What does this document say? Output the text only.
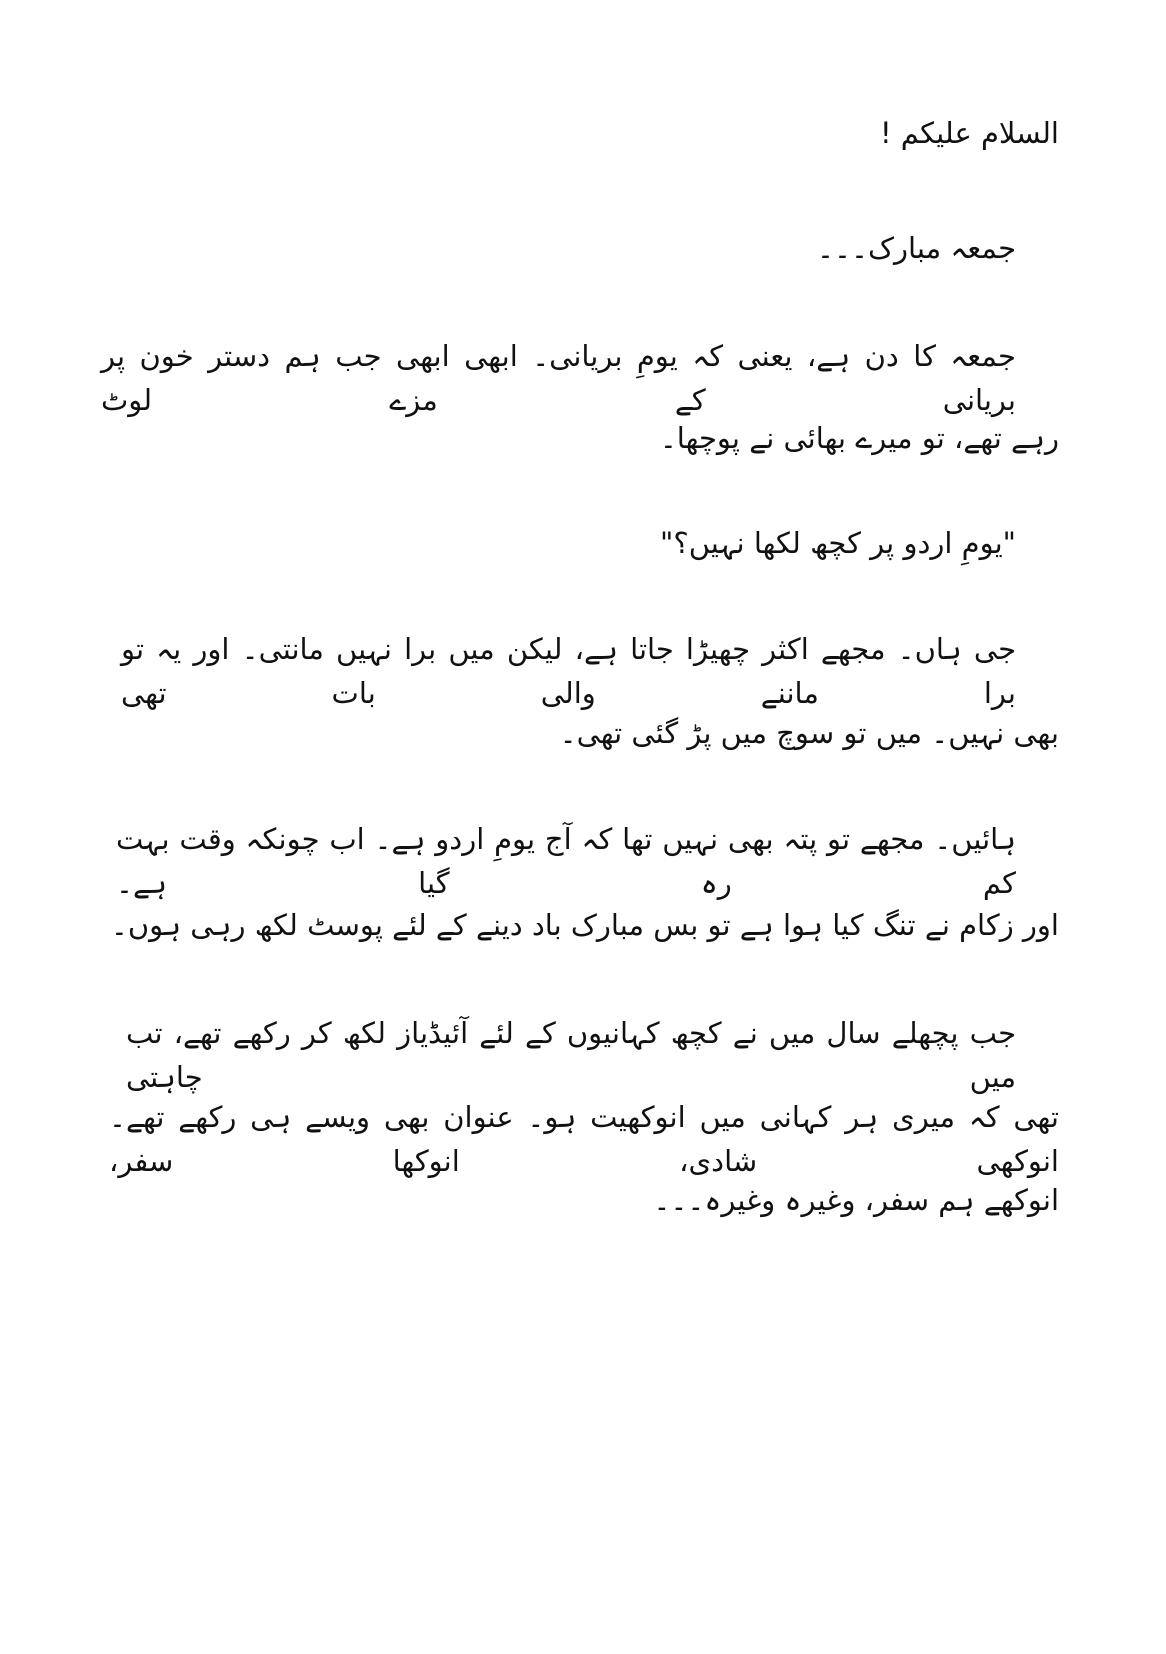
السلام علیکم !
جمعہ مبارک۔۔۔
جمعہ کا دن ہے، یعنی کہ یومِ بریانی۔ ابھی ابھی جب ہم دستر خون پر بریانی کے مزے لوٹ
رہے تھے، تو میرے بھائی نے پوچھا۔
"یومِ اردو پر کچھ لکھا نہیں؟"
جی ہاں۔ مجھے اکثر چھیڑا جاتا ہے، لیکن میں برا نہیں مانتی۔ اور یہ تو برا ماننے والی بات تھی
بھی نہیں۔ میں تو سوچ میں پڑ گئی تھی۔
ہائیں۔ مجھے تو پتہ بھی نہیں تھا کہ آج یومِ اردو ہے۔ اب چونکہ وقت بہت کم رہ گیا ہے۔
اور زکام نے تنگ کیا ہوا ہے تو بس مبارک باد دینے کے لئے پوسٹ لکھ رہی ہوں۔
جب پچھلے سال میں نے کچھ کہانیوں کے لئے آئیڈیاز لکھ کر رکھے تھے، تب میں چاہتی
تھی کہ میری ہر کہانی میں انوکھیت ہو۔ عنوان بھی ویسے ہی رکھے تھے۔ انوکھی شادی، انوکھا سفر،
انوکھے ہم سفر، وغیرہ وغیرہ۔۔۔
